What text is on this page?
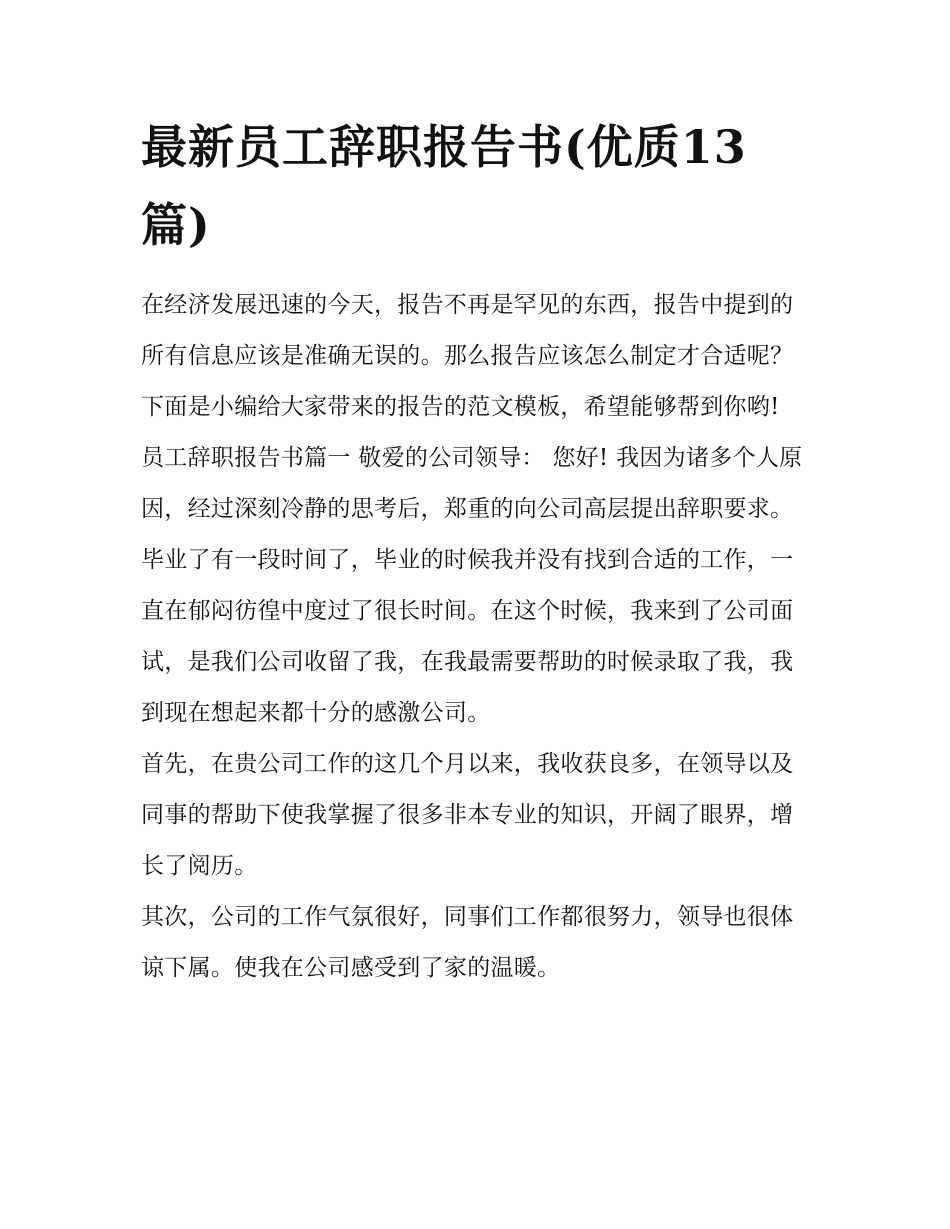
最新员工辞职报告书(优质13篇)

在经济发展迅速的今天，报告不再是罕见的东西，报告中提到的所有信息应该是准确无误的。那么报告应该怎么制定才合适呢？下面是小编给大家带来的报告的范文模板，希望能够帮到你哟!

员工辞职报告书篇一 敬爱的公司领导： 您好! 我因为诸多个人原因，经过深刻冷静的思考后，郑重的向公司高层提出辞职要求。

毕业了有一段时间了，毕业的时候我并没有找到合适的工作，一直在郁闷彷徨中度过了很长时间。在这个时候，我来到了公司面试，是我们公司收留了我，在我最需要帮助的时候录取了我，我到现在想起来都十分的感激公司。

首先，在贵公司工作的这几个月以来，我收获良多，在领导以及同事的帮助下使我掌握了很多非本专业的知识，开阔了眼界，增长了阅历。

其次，公司的工作气氛很好，同事们工作都很努力，领导也很体谅下属。使我在公司感受到了家的温暖。
